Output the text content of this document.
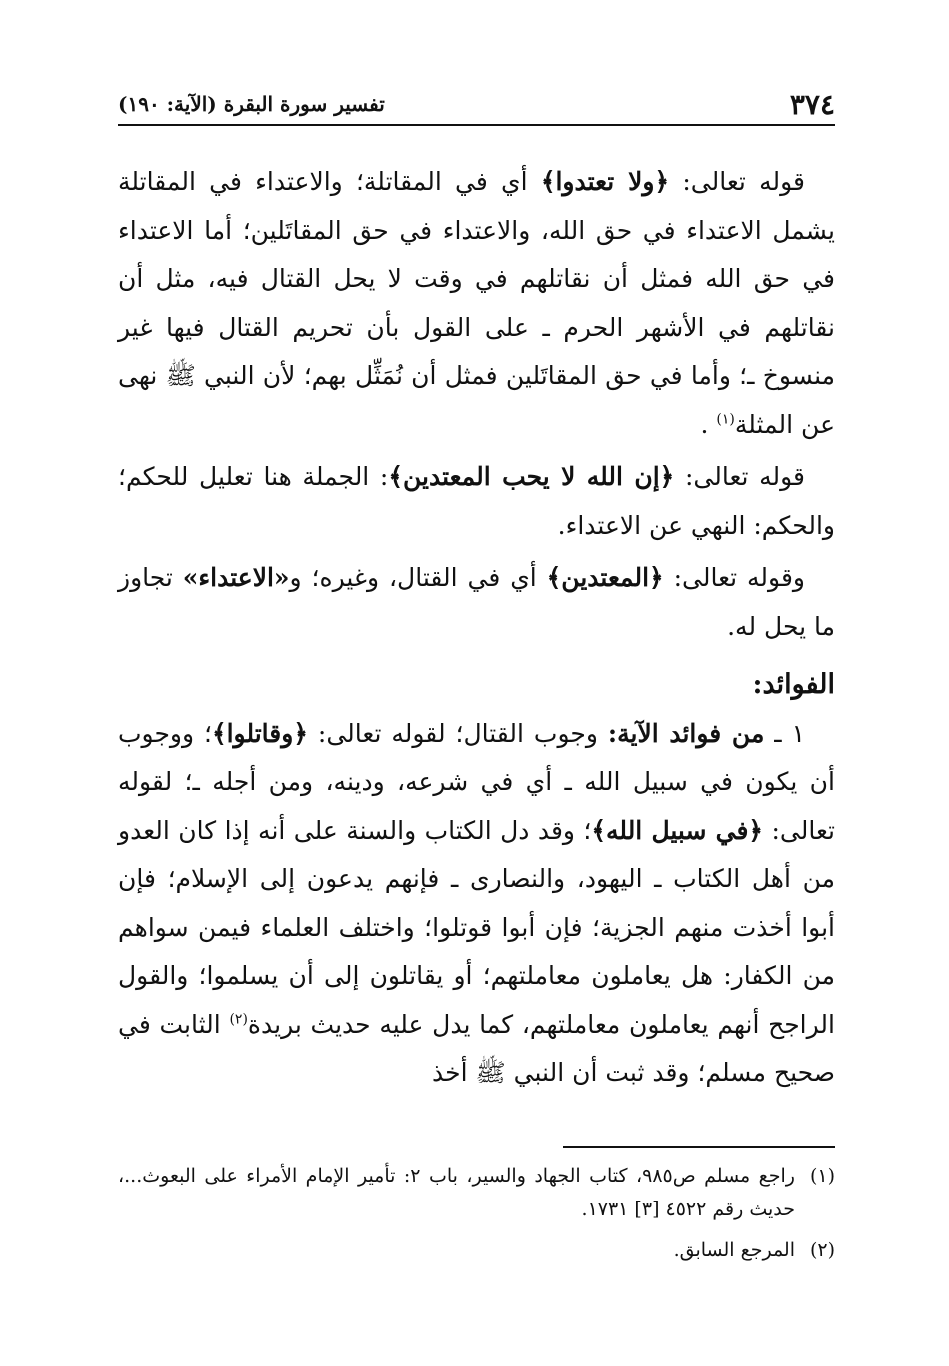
٣٧٤
تفسير سورة البقرة (الآية: ١٩٠)

قوله تعالى: ﴿ولا تعتدوا﴾ أي في المقاتلة؛ والاعتداء في المقاتلة يشمل الاعتداء في حق الله، والاعتداء في حق المقاتَلين؛ أما الاعتداء في حق الله فمثل أن نقاتلهم في وقت لا يحل القتال فيه، مثل أن نقاتلهم في الأشهر الحرم ـ على القول بأن تحريم القتال فيها غير منسوخ ـ؛ وأما في حق المقاتَلين فمثل أن نُمَثِّل بهم؛ لأن النبي ﷺ نهى عن المثلة$^{(١)}$ .

قوله تعالى: ﴿إن الله لا يحب المعتدين﴾: الجملة هنا تعليل للحكم؛ والحكم: النهي عن الاعتداء.

وقوله تعالى: ﴿المعتدين﴾ أي في القتال، وغيره؛ و«الاعتداء» تجاوز ما يحل له.

الفوائد:

١ ـ من فوائد الآية: وجوب القتال؛ لقوله تعالى: ﴿وقاتلوا﴾؛ ووجوب أن يكون في سبيل الله ـ أي في شرعه، ودينه، ومن أجله ـ؛ لقوله تعالى: ﴿في سبيل الله﴾؛ وقد دل الكتاب والسنة على أنه إذا كان العدو من أهل الكتاب ـ اليهود، والنصارى ـ فإنهم يدعون إلى الإسلام؛ فإن أبوا أخذت منهم الجزية؛ فإن أبوا قوتلوا؛ واختلف العلماء فيمن سواهم من الكفار: هل يعاملون معاملتهم؛ أو يقاتلون إلى أن يسلموا؛ والقول الراجح أنهم يعاملون معاملتهم، كما يدل عليه حديث بريدة$^{(٢)}$ الثابت في صحيح مسلم؛ وقد ثبت أن النبي ﷺ أخذ

(١)
راجع مسلم ص٩٨٥، كتاب الجهاد والسير، باب ٢: تأمير الإمام الأمراء على البعوث...، حديث رقم ٤٥٢٢ [٣] ١٧٣١.
(٢)
المرجع السابق.
